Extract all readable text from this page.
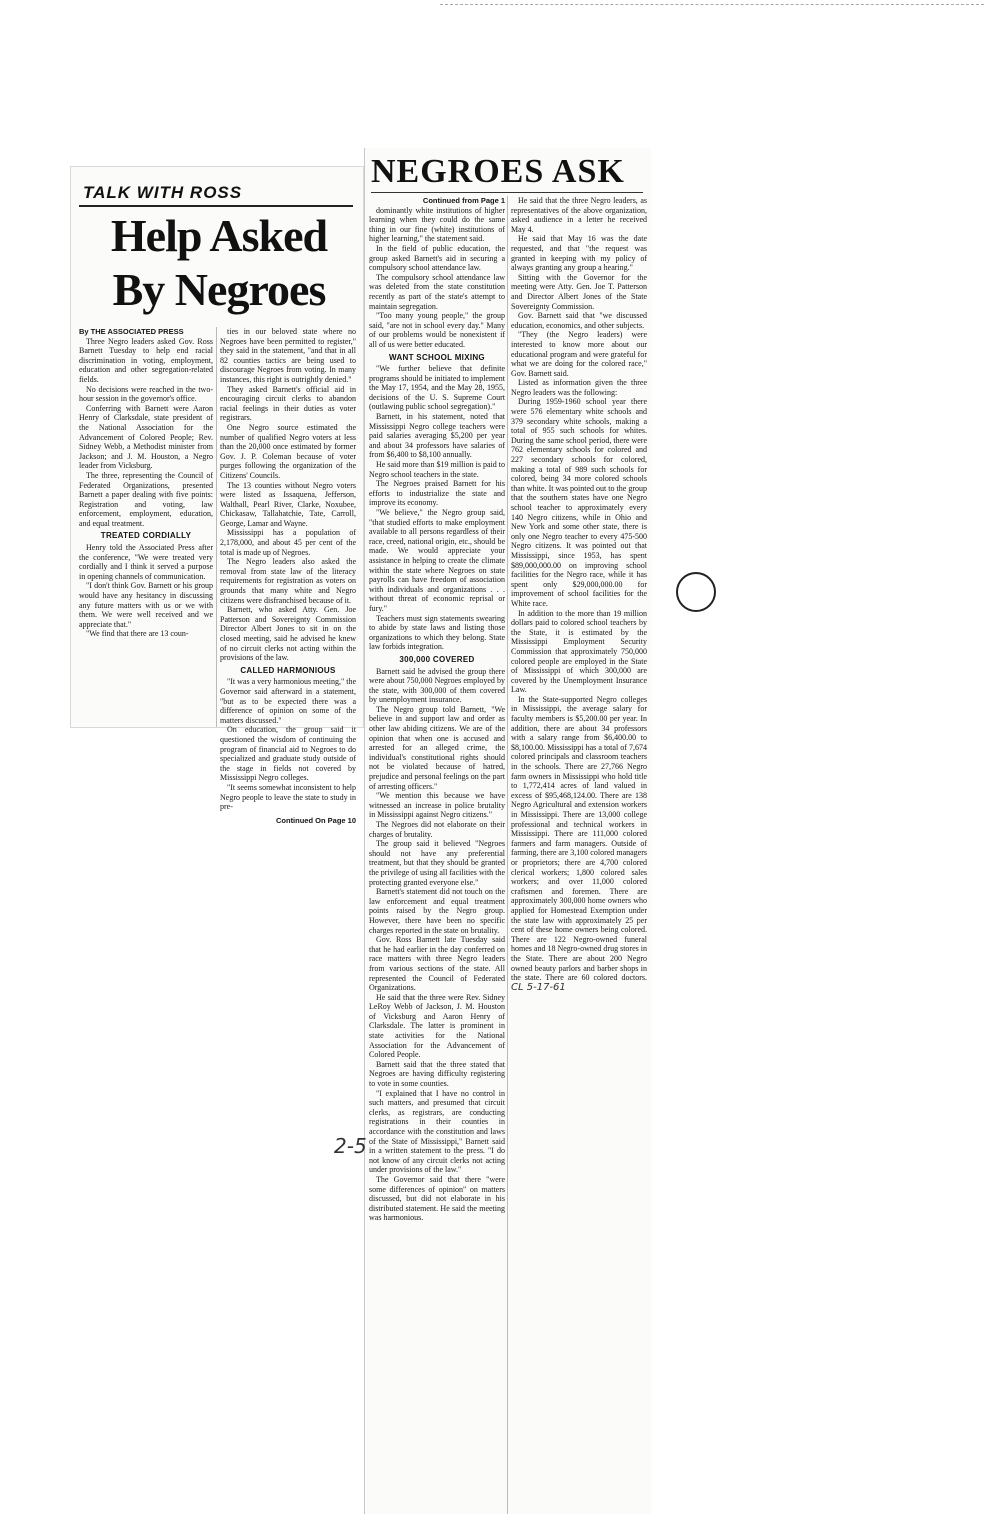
TALK WITH ROSS
Help Asked
By Negroes

By THE ASSOCIATED PRESS

Three Negro leaders asked Gov. Ross Barnett Tuesday to help end racial discrimination in voting, employment, education and other segregation-related fields.

No decisions were reached in the two-hour session in the governor's office.

Conferring with Barnett were Aaron Henry of Clarksdale, state president of the National Association for the Advancement of Colored People; Rev. Sidney Webb, a Methodist minister from Jackson; and J. M. Houston, a Negro leader from Vicksburg.

The three, representing the Council of Federated Organizations, presented Barnett a paper dealing with five points: Registration and voting, law enforcement, employment, education, and equal treatment.

TREATED CORDIALLY

Henry told the Associated Press after the conference, "We were treated very cordially and I think it served a purpose in opening channels of communication.

"I don't think Gov. Barnett or his group would have any hesitancy in discussing any future matters with us or we with them. We were well received and we appreciate that."

"We find that there are 13 coun-

ties in our beloved state where no Negroes have been permitted to register," they said in the statement, "and that in all 82 counties tactics are being used to discourage Negroes from voting. In many instances, this right is outrightly denied."

They asked Barnett's official aid in encouraging circuit clerks to abandon racial feelings in their duties as voter registrars.

One Negro source estimated the number of qualified Negro voters at less than the 20,000 once estimated by former Gov. J. P. Coleman because of voter purges following the organization of the Citizens' Councils.

The 13 counties without Negro voters were listed as Issaquena, Jefferson, Walthall, Pearl River, Clarke, Noxubee, Chickasaw, Tallahatchie, Tate, Carroll, George, Lamar and Wayne.

Mississippi has a population of 2,178,000, and about 45 per cent of the total is made up of Negroes.

The Negro leaders also asked the removal from state law of the literacy requirements for registration as voters on grounds that many white and Negro citizens were disfranchised because of it.

Barnett, who asked Atty. Gen. Joe Patterson and Sovereignty Commission Director Albert Jones to sit in on the closed meeting, said he advised he knew of no circuit clerks not acting within the provisions of the law.

CALLED HARMONIOUS

"It was a very harmonious meeting," the Governor said afterward in a statement, "but as to be expected there was a difference of opinion on some of the matters discussed."

On education, the group said it questioned the wisdom of continuing the program of financial aid to Negroes to do specialized and graduate study outside of the stage in fields not covered by Mississippi Negro colleges.

"It seems somewhat inconsistent to help Negro people to leave the state to study in pre-

Continued On Page 10
NEGROES ASK

Continued from Page 1

dominantly white institutions of higher learning when they could do the same thing in our fine (white) institutions of higher learning," the statement said.

In the field of public education, the group asked Barnett's aid in securing a compulsory school attendance law.

The compulsory school attendance law was deleted from the state constitution recently as part of the state's attempt to maintain segregation.

"Too many young people," the group said, "are not in school every day." Many of our problems would be nonexistent if all of us were better educated.

WANT SCHOOL MIXING

"We further believe that definite programs should be initiated to implement the May 17, 1954, and the May 28, 1955, decisions of the U. S. Supreme Court (outlawing public school segregation)."

Barnett, in his statement, noted that Mississippi Negro college teachers were paid salaries averaging $5,200 per year and about 34 professors have salaries of from $6,400 to $8,100 annually.

He said more than $19 million is paid to Negro school teachers in the state.

The Negroes praised Barnett for his efforts to industrialize the state and improve its economy.

"We believe," the Negro group said, "that studied efforts to make employment available to all persons regardless of their race, creed, national origin, etc., should be made. We would appreciate your assistance in helping to create the climate within the state where Negroes on state payrolls can have freedom of association with individuals and organizations . . . without threat of economic reprisal or fury."

Teachers must sign statements swearing to abide by state laws and listing those organizations to which they belong. State law forbids integration.

300,000 COVERED

Barnett said he advised the group there were about 750,000 Negroes employed by the state, with 300,000 of them covered by unemployment insurance.

The Negro group told Barnett, "We believe in and support law and order as other law abiding citizens. We are of the opinion that when one is accused and arrested for an alleged crime, the individual's constitutional rights should not be violated because of hatred, prejudice and personal feelings on the part of arresting officers."

"We mention this because we have witnessed an increase in police brutality in Mississippi against Negro citizens."

The Negroes did not elaborate on their charges of brutality.

The group said it believed "Negroes should not have any preferential treatment, but that they should be granted the privilege of using all facilities with the protecting granted everyone else."

Barnett's statement did not touch on the law enforcement and equal treatment points raised by the Negro group. However, there have been no specific charges reported in the state on brutality.

Gov. Ross Barnett late Tuesday said that he had earlier in the day conferred on race matters with three Negro leaders from various sections of the state. All represented the Council of Federated Organizations.

He said that the three were Rev. Sidney LeRoy Webb of Jackson, J. M. Houston of Vicksburg and Aaron Henry of Clarksdale. The latter is prominent in state activities for the National Association for the Advancement of Colored People.

Barnett said that the three stated that Negroes are having difficulty registering to vote in some counties.

"I explained that I have no control in such matters, and presumed that circuit clerks, as registrars, are conducting registrations in their counties in accordance with the constitution and laws of the State of Mississippi," Barnett said in a written statement to the press. "I do not know of any circuit clerks not acting under provisions of the law."

The Governor said that there "were some differences of opinion" on matters discussed, but did not elaborate in his distributed statement. He said the meeting was harmonious.

He said that the three Negro leaders, as representatives of the above organization, asked audience in a letter he received May 4.

He said that May 16 was the date requested, and that "the request was granted in keeping with my policy of always granting any group a hearing."

Sitting with the Governor for the meeting were Atty. Gen. Joe T. Patterson and Director Albert Jones of the State Sovereignty Commission.

Gov. Barnett said that "we discussed education, economics, and other subjects.

"They (the Negro leaders) were interested to know more about our educational program and were grateful for what we are doing for the colored race," Gov. Barnett said.

Listed as information given the three Negro leaders was the following:

During 1959-1960 school year there were 576 elementary white schools and 379 secondary white schools, making a total of 955 such schools for whites. During the same school period, there were 762 elementary schools for colored and 227 secondary schools for colored, making a total of 989 such schools for colored, being 34 more colored schools than white. It was pointed out to the group that the southern states have one Negro school teacher to approximately every 140 Negro citizens, while in Ohio and New York and some other state, there is only one Negro teacher to every 475-500 Negro citizens. It was pointed out that Mississippi, since 1953, has spent $89,000,000.00 on improving school facilities for the Negro race, while it has spent only $29,000,000.00 for improvement of school facilities for the White race.

In addition to the more than 19 million dollars paid to colored school teachers by the State, it is estimated by the Mississippi Employment Security Commission that approximately 750,000 colored people are employed in the State of Mississippi of which 300,000 are covered by the Unemployment Insurance Law.

In the State-supported Negro colleges in Mississippi, the average salary for faculty members is $5,200.00 per year. In addition, there are about 34 professors with a salary range from $6,400.00 to $8,100.00. Mississippi has a total of 7,674 colored principals and classroom teachers in the schools. There are 27,766 Negro farm owners in Mississippi who hold title to 1,772,414 acres of land valued in excess of $95,468,124.00. There are 138 Negro Agricultural and extension workers in Mississippi. There are 13,000 college professional and technical workers in Mississippi. There are 111,000 colored farmers and farm managers. Outside of farming, there are 3,100 colored managers or proprietors; there are 4,700 colored clerical workers; 1,800 colored sales workers; and over 11,000 colored craftsmen and foremen. There are approximately 300,000 home owners who applied for Homestead Exemption under the state law with approximately 25 per cent of these home owners being colored. There are 122 Negro-owned funeral homes and 18 Negro-owned drug stores in the State. There are about 200 Negro owned beauty parlors and barber shops in the state. There are 60 colored doctors. CL 5-17-61

2-5
